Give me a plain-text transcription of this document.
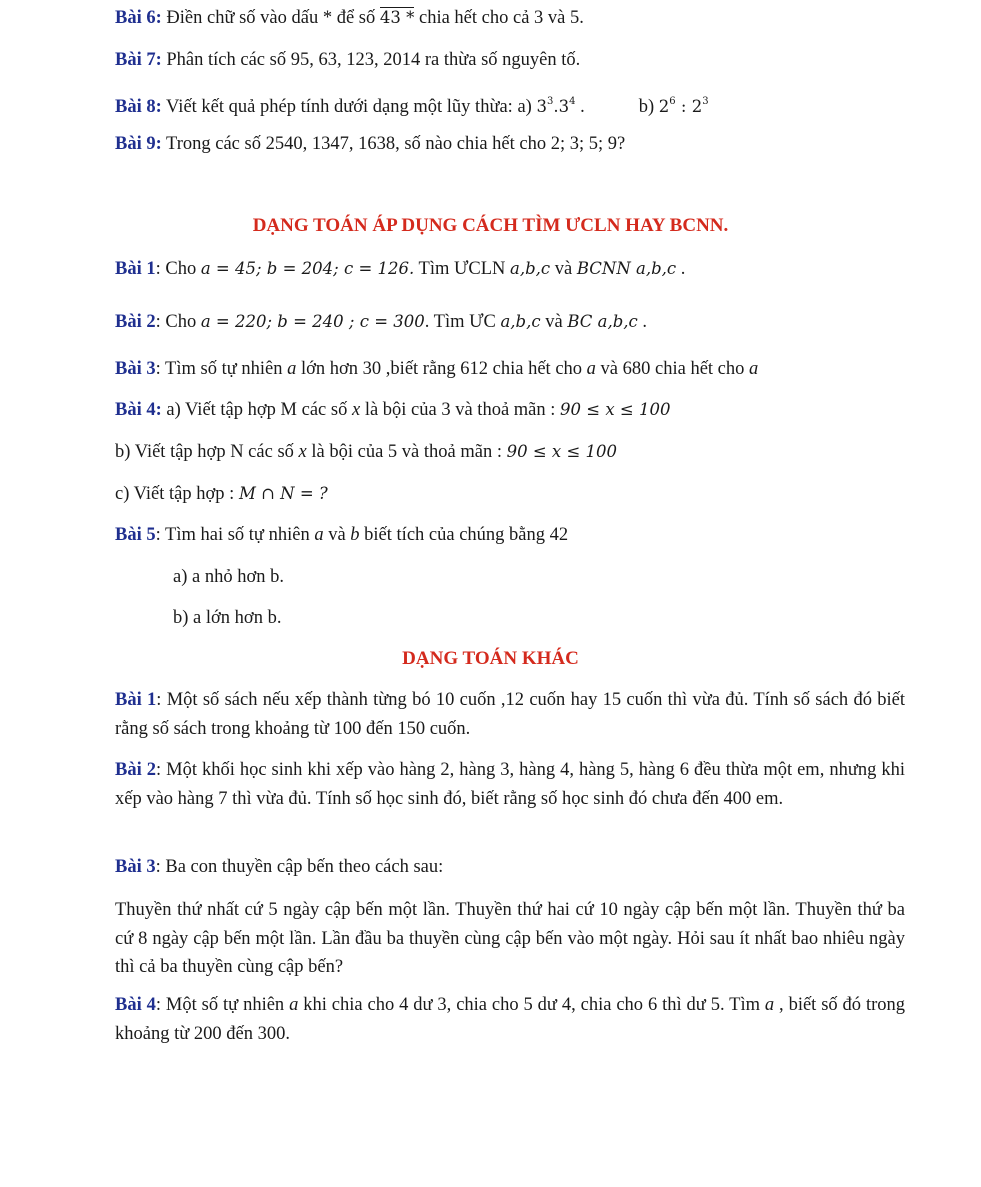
Bài 6: Điền chữ số vào dấu * để số 43 * chia hết cho cả 3 và 5.
Bài 7: Phân tích các số 95, 63, 123, 2014 ra thừa số nguyên tố.
Bài 8: Viết kết quả phép tính dưới dạng một lũy thừa: a) $3^3.3^4$ .	b) $2^6$ : $2^3$
Bài 9: Trong các số 2540, 1347, 1638, số nào chia hết cho 2; 3; 5; 9?
DẠNG TOÁN ÁP DỤNG CÁCH TÌM ƯCLN HAY BCNN.
Bài 1: Cho a = 45; b = 204; c = 126. Tìm ƯCLN a,b,c và BCNN a,b,c .
Bài 2: Cho a = 220; b = 240 ; c = 300. Tìm ƯC a,b,c và BC a,b,c .
Bài 3: Tìm số tự nhiên a lớn hơn 30 ,biết rằng 612 chia hết cho a và 680 chia hết cho a
Bài 4: a) Viết tập hợp M các số x là bội của 3 và thoả mãn : 90 ≤ x ≤ 100
b) Viết tập hợp N các số x là bội của 5 và thoả mãn : 90 ≤ x ≤ 100
c) Viết tập hợp : M ∩ N = ?
Bài 5: Tìm hai số tự nhiên a và b biết tích của chúng bằng 42
a) a nhỏ hơn b.
b) a lớn hơn b.
DẠNG TOÁN KHÁC
Bài 1: Một số sách nếu xếp thành từng bó 10 cuốn ,12 cuốn hay 15 cuốn thì vừa đủ. Tính số sách đó biết rằng số sách trong khoảng từ 100 đến 150 cuốn.
Bài 2: Một khối học sinh khi xếp vào hàng 2, hàng 3, hàng 4, hàng 5, hàng 6 đều thừa một em, nhưng khi xếp vào hàng 7 thì vừa đủ. Tính số học sinh đó, biết rằng số học sinh đó chưa đến 400 em.
Bài 3: Ba con thuyền cập bến theo cách sau:
Thuyền thứ nhất cứ 5 ngày cập bến một lần. Thuyền thứ hai cứ 10 ngày cập bến một lần. Thuyền thứ ba cứ 8 ngày cập bến một lần. Lần đầu ba thuyền cùng cập bến vào một ngày. Hỏi sau ít nhất bao nhiêu ngày thì cả ba thuyền cùng cập bến?
Bài 4: Một số tự nhiên a khi chia cho 4 dư 3, chia cho 5 dư 4, chia cho 6 thì dư 5. Tìm a , biết số đó trong khoảng từ 200 đến 300.
